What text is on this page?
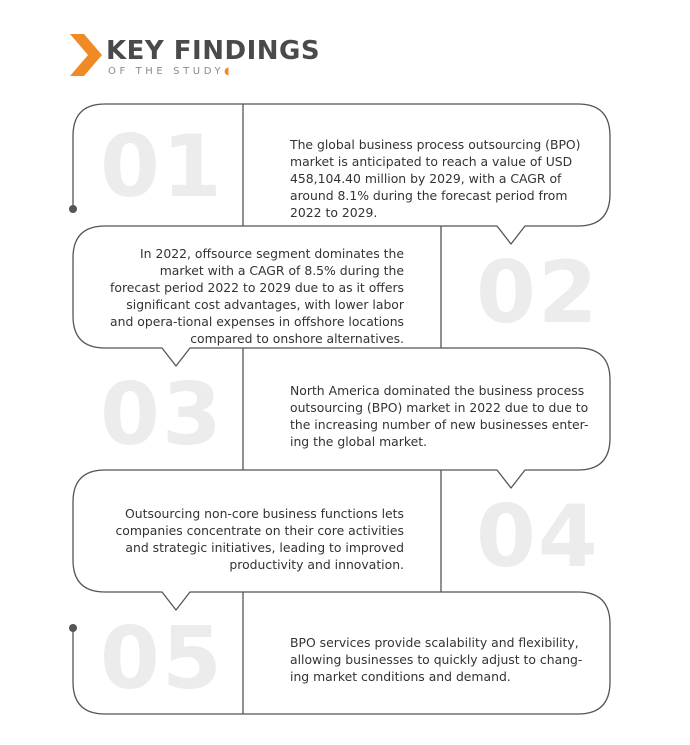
KEY FINDINGS
OF THE STUDY◖
01
02
03
04
05
The global business process outsourcing (BPO) market is anticipated to reach a value of USD 458,104.40 million by 2029, with a CAGR of around 8.1% during the forecast period from 2022 to 2029.
In 2022, offsource segment dominates the market with a CAGR of 8.5% during the forecast period 2022 to 2029 due to as it offers significant cost advantages, with lower labor and opera-tional expenses in offshore locations compared to onshore alternatives.
North America dominated the business process outsourcing (BPO) market in 2022 due to due to the increasing number of new businesses enter-ing the global market.
Outsourcing non-core business functions lets companies concentrate on their core activities and strategic initiatives, leading to improved productivity and innovation.
BPO services provide scalability and flexibility, allowing businesses to quickly adjust to chang-ing market conditions and demand.
